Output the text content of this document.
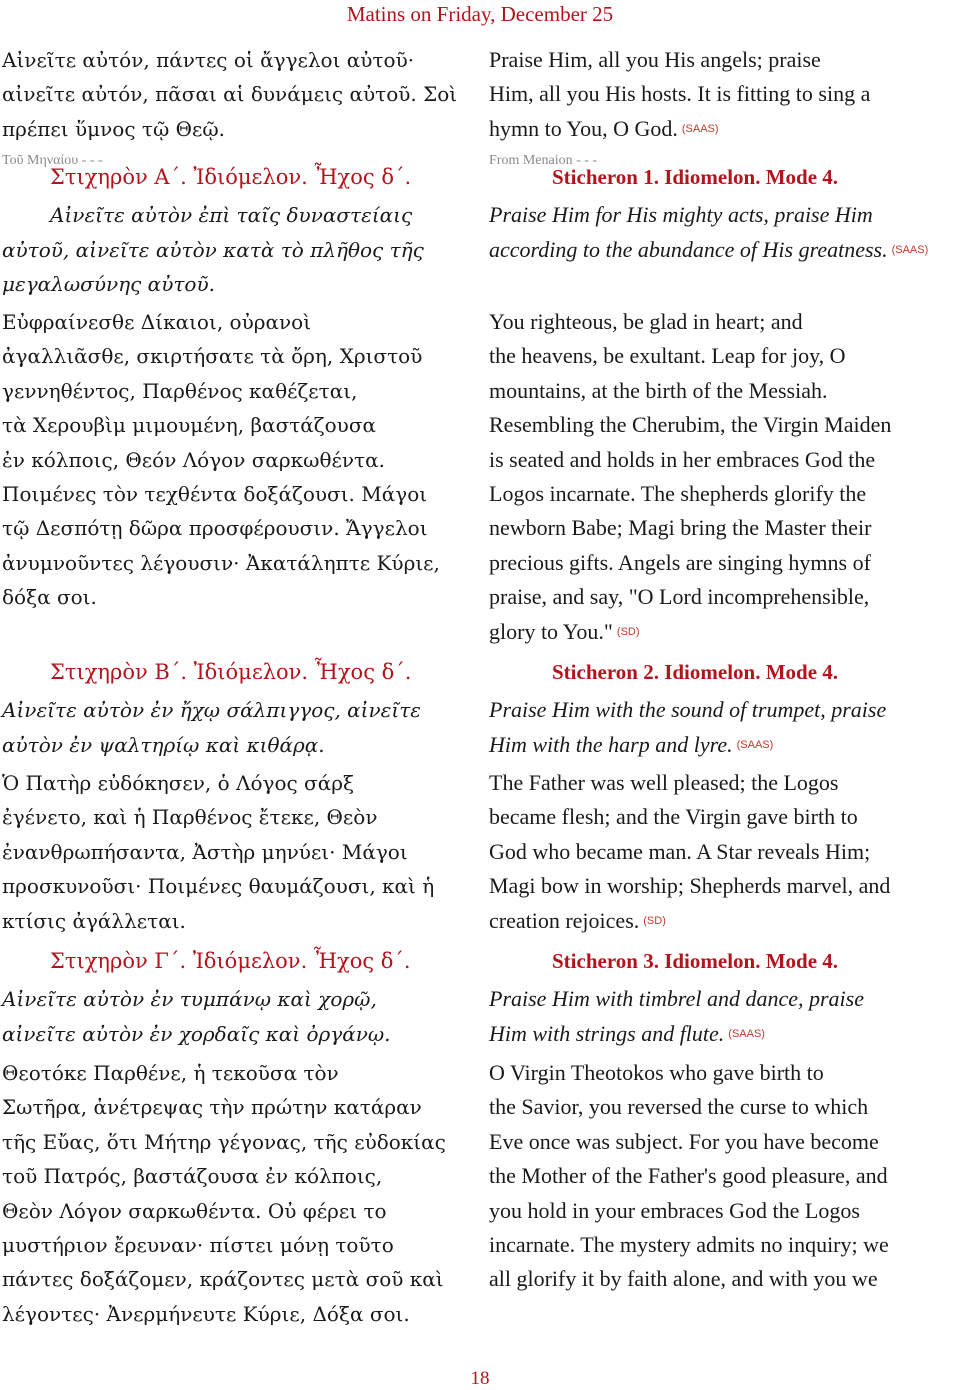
Matins on Friday, December 25

Αἰνεῖτε αὐτόν, πάντες οἱ ἄγγελοι αὐτοῦ·
αἰνεῖτε αὐτόν, πᾶσαι αἱ δυνάμεις αὐτοῦ. Σοὶ
πρέπει ὕμνος τῷ Θεῷ.

Τοῦ Μηναίου - - -
Στιχηρὸν Α΄. Ἰδιόμελον. Ἦχος δ΄.

Αἰνεῖτε αὐτὸν ἐπὶ ταῖς δυναστείαις
αὐτοῦ, αἰνεῖτε αὐτὸν κατὰ τὸ πλῆθος τῆς
μεγαλωσύνης αὐτοῦ.

Εὐφραίνεσθε Δίκαιοι, οὐρανοὶ
ἀγαλλιᾶσθε, σκιρτήσατε τὰ ὄρη, Χριστοῦ
γεννηθέντος, Παρθένος καθέζεται,
τὰ Χερουβὶμ μιμουμένη, βαστάζουσα
ἐν κόλποις, Θεόν Λόγον σαρκωθέντα.
Ποιμένες τὸν τεχθέντα δοξάζουσι. Μάγοι
τῷ Δεσπότῃ δῶρα προσφέρουσιν. Ἄγγελοι
ἀνυμνοῦντες λέγουσιν· Ἀκατάληπτε Κύριε,
δόξα σοι.

Στιχηρὸν Β΄. Ἰδιόμελον. Ἦχος δ΄.

Αἰνεῖτε αὐτὸν ἐν ἤχῳ σάλπιγγος, αἰνεῖτε
αὐτὸν ἐν ψαλτηρίῳ καὶ κιθάρᾳ.

Ὁ Πατὴρ εὐδόκησεν, ὁ Λόγος σάρξ
ἐγένετο, καὶ ἡ Παρθένος ἔτεκε, Θεὸν
ἐνανθρωπήσαντα, Ἀστὴρ μηνύει· Μάγοι
προσκυνοῦσι· Ποιμένες θαυμάζουσι, καὶ ἡ
κτίσις ἀγάλλεται.

Στιχηρὸν Γ΄. Ἰδιόμελον. Ἦχος δ΄.

Αἰνεῖτε αὐτὸν ἐν τυμπάνῳ καὶ χορῷ,
αἰνεῖτε αὐτὸν ἐν χορδαῖς καὶ ὀργάνῳ.

Θεοτόκε Παρθένε, ἡ τεκοῦσα τὸν
Σωτῆρα, ἀνέτρεψας τὴν πρώτην κατάραν
τῆς Εὔας, ὅτι Μήτηρ γέγονας, τῆς εὐδοκίας
τοῦ Πατρός, βαστάζουσα ἐν κόλποις,
Θεὸν Λόγον σαρκωθέντα. Οὐ φέρει το
μυστήριον ἔρευναν· πίστει μόνῃ τοῦτο
πάντες δοξάζομεν, κράζοντες μετὰ σοῦ καὶ
λέγοντες· Ἀνερμήνευτε Κύριε, Δόξα σοι.

Praise Him, all you His angels; praise
Him, all you His hosts. It is fitting to sing a
hymn to You, O God. (SAAS)

From Menaion - - -
Sticheron 1. Idiomelon. Mode 4.

Praise Him for His mighty acts, praise Him
according to the abundance of His greatness. (SAAS)

You righteous, be glad in heart; and
the heavens, be exultant. Leap for joy, O
mountains, at the birth of the Messiah.
Resembling the Cherubim, the Virgin Maiden
is seated and holds in her embraces God the
Logos incarnate. The shepherds glorify the
newborn Babe; Magi bring the Master their
precious gifts. Angels are singing hymns of
praise, and say, "O Lord incomprehensible,
glory to You." (SD)

Sticheron 2. Idiomelon. Mode 4.

Praise Him with the sound of trumpet, praise
Him with the harp and lyre. (SAAS)

The Father was well pleased; the Logos
became flesh; and the Virgin gave birth to
God who became man. A Star reveals Him;
Magi bow in worship; Shepherds marvel, and
creation rejoices. (SD)

Sticheron 3. Idiomelon. Mode 4.

Praise Him with timbrel and dance, praise
Him with strings and flute. (SAAS)

O Virgin Theotokos who gave birth to
the Savior, you reversed the curse to which
Eve once was subject. For you have become
the Mother of the Father's good pleasure, and
you hold in your embraces God the Logos
incarnate. The mystery admits no inquiry; we
all glorify it by faith alone, and with you we

18
